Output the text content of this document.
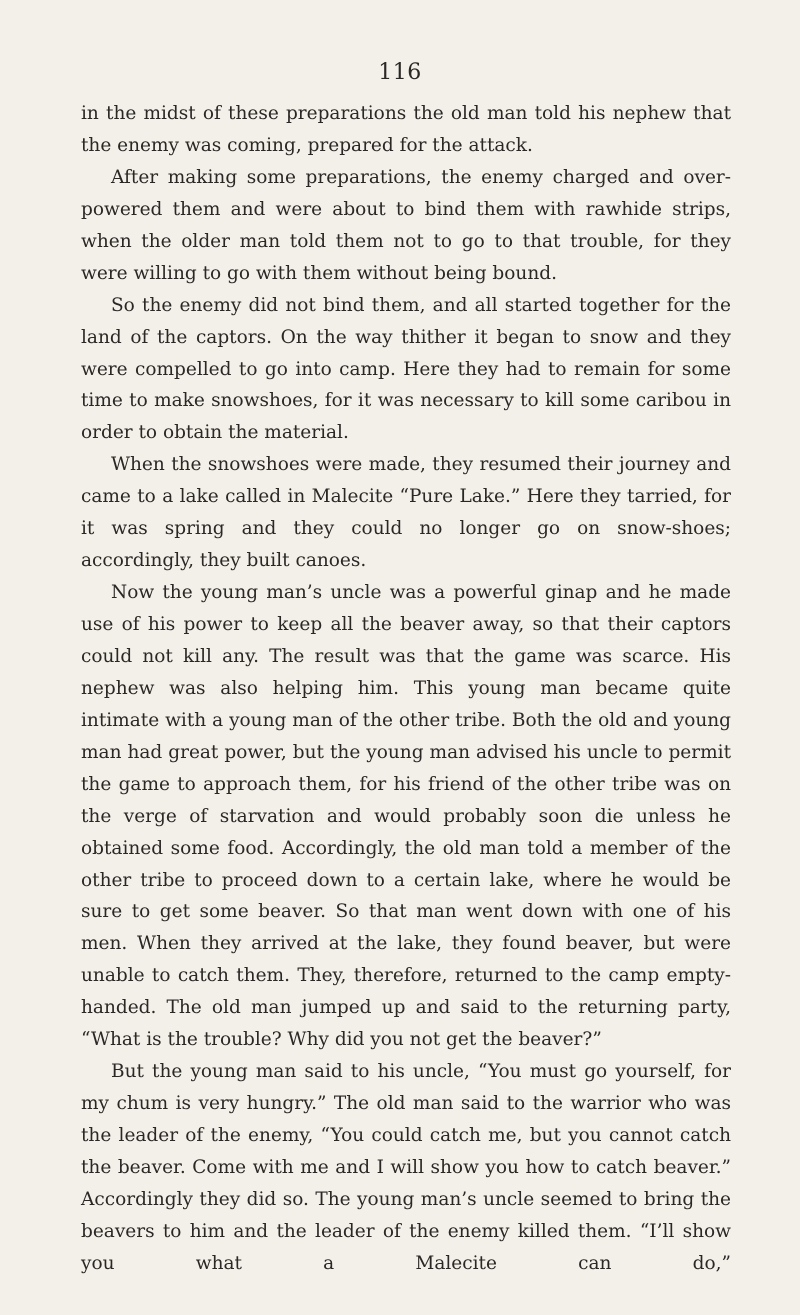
116

in the midst of these preparations the old man told his nephew that the enemy was coming, prepared for the attack.

After making some preparations, the enemy charged and over-powered them and were about to bind them with rawhide strips, when the older man told them not to go to that trouble, for they were willing to go with them without being bound.

So the enemy did not bind them, and all started together for the land of the captors. On the way thither it began to snow and they were compelled to go into camp. Here they had to remain for some time to make snowshoes, for it was necessary to kill some caribou in order to obtain the material.

When the snowshoes were made, they resumed their journey and came to a lake called in Malecite “Pure Lake.” Here they tarried, for it was spring and they could no longer go on snow-shoes; accordingly, they built canoes.

Now the young man’s uncle was a powerful ginap and he made use of his power to keep all the beaver away, so that their captors could not kill any. The result was that the game was scarce. His nephew was also helping him. This young man became quite intimate with a young man of the other tribe. Both the old and young man had great power, but the young man advised his uncle to permit the game to approach them, for his friend of the other tribe was on the verge of starvation and would probably soon die unless he obtained some food. Accordingly, the old man told a member of the other tribe to proceed down to a certain lake, where he would be sure to get some beaver. So that man went down with one of his men. When they arrived at the lake, they found beaver, but were unable to catch them. They, therefore, returned to the camp empty-handed. The old man jumped up and said to the returning party, “What is the trouble? Why did you not get the beaver?”

But the young man said to his uncle, “You must go yourself, for my chum is very hungry.” The old man said to the warrior who was the leader of the enemy, “You could catch me, but you cannot catch the beaver. Come with me and I will show you how to catch beaver.” Accordingly they did so. The young man’s uncle seemed to bring the beavers to him and the leader of the enemy killed them. “I’ll show you what a Malecite can do,”
